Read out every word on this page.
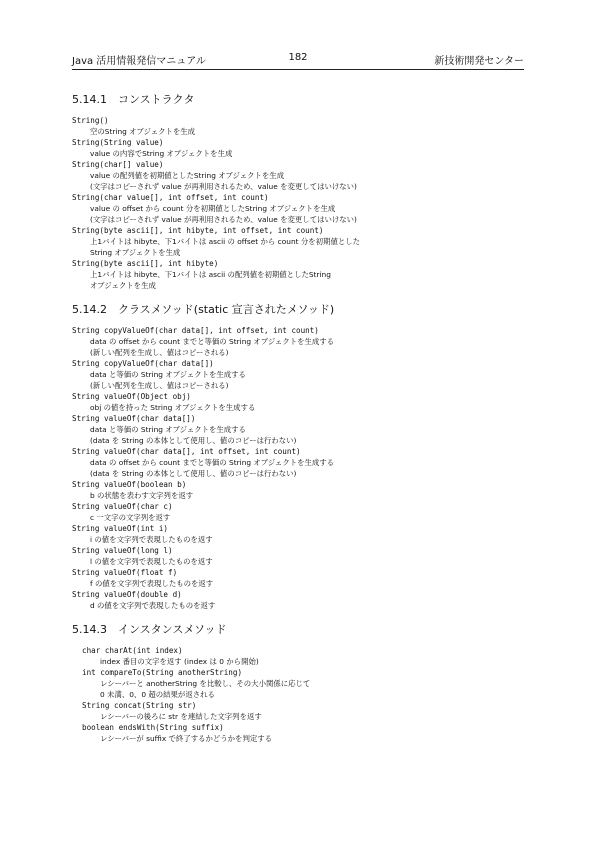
Java 活用情報発信マニュアル	182	新技術開発センター
5.14.1 コンストラクタ
String()
空のString オブジェクトを生成
String(String value)
value の内容でString オブジェクトを生成
String(char[] value)
value の配列値を初期値としたString オブジェクトを生成
(文字はコピーされず value が再利用されるため、value を変更してはいけない)
String(char value[], int offset, int count)
value の offset から count 分を初期値としたString オブジェクトを生成
(文字はコピーされず value が再利用されるため、value を変更してはいけない)
String(byte ascii[], int hibyte, int offset, int count)
上1バイトは hibyte、下1バイトは ascii の offset から count 分を初期値とした
String オブジェクトを生成
String(byte ascii[], int hibyte)
上1バイトは hibyte、下1バイトは ascii の配列値を初期値としたString
オブジェクトを生成
5.14.2 クラスメソッド(static 宣言されたメソッド)
String copyValueOf(char data[], int offset, int count)
data の offset から count までと等価の String オブジェクトを生成する
(新しい配列を生成し、値はコピーされる)
String copyValueOf(char data[])
data と等価の String オブジェクトを生成する
(新しい配列を生成し、値はコピーされる)
String valueOf(Object obj)
obj の値を持った String オブジェクトを生成する
String valueOf(char data[])
data と等価の String オブジェクトを生成する
(data を String の本体として使用し、値のコピーは行わない)
String valueOf(char data[], int offset, int count)
data の offset から count までと等価の String オブジェクトを生成する
(data を String の本体として使用し、値のコピーは行わない)
String valueOf(boolean b)
b の状態を表わす文字列を返す
String valueOf(char c)
c 一文字の文字列を返す
String valueOf(int i)
i の値を文字列で表現したものを返す
String valueOf(long l)
l の値を文字列で表現したものを返す
String valueOf(float f)
f の値を文字列で表現したものを返す
String valueOf(double d)
d の値を文字列で表現したものを返す
5.14.3 インスタンスメソッド
char charAt(int index)
index 番目の文字を返す (index は 0 から開始)
int compareTo(String anotherString)
レシーバーと anotherString を比較し、その大小関係に応じて
0 未満、0、0 超の結果が返される
String concat(String str)
レシーバーの後ろに str を連結した文字列を返す
boolean endsWith(String suffix)
レシーバーが suffix で終了するかどうかを判定する
